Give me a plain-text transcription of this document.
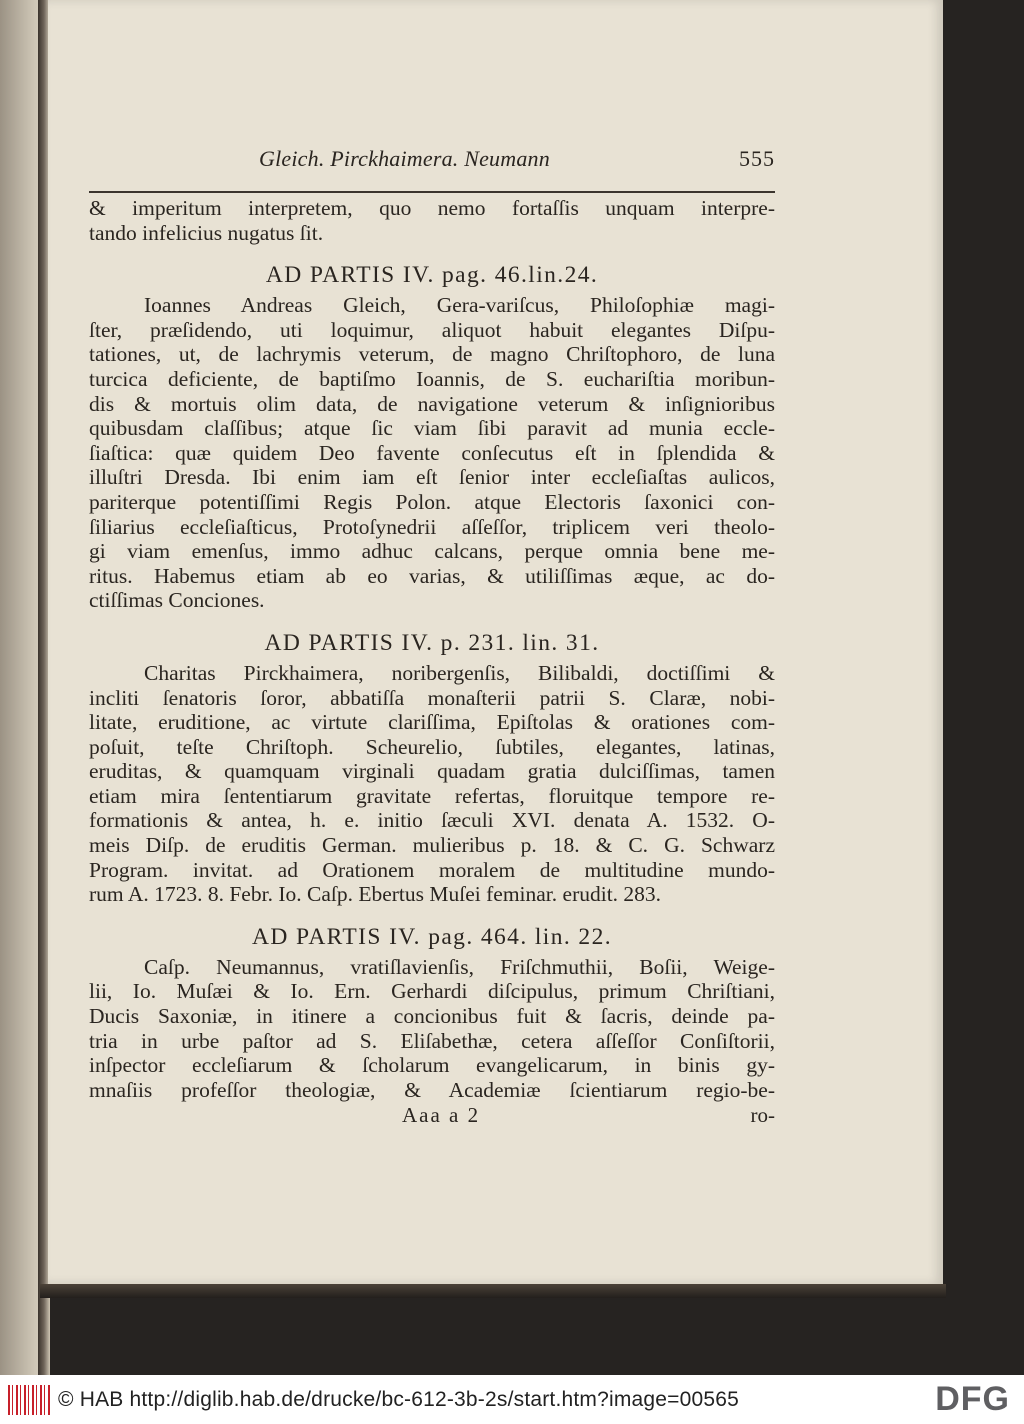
Gleich. Pirckhaimera. Neumann	555
& imperitum interpretem, quo nemo fortaſſis unquam interpre-
tando infelicius nugatus ſit.
AD PARTIS IV. pag. 46.lin.24.
Ioannes Andreas Gleich, Gera-variſcus, Philoſophiæ magi-
ſter, præſidendo, uti loquimur, aliquot habuit elegantes Diſpu-
tationes, ut, de lachrymis veterum, de magno Chriſtophoro, de luna
turcica deficiente, de baptiſmo Ioannis, de S. euchariſtia moribun-
dis & mortuis olim data, de navigatione veterum & inſignioribus
quibusdam claſſibus; atque ſic viam ſibi paravit ad munia eccle-
ſiaſtica: quæ quidem Deo favente conſecutus eſt in ſplendida &
illuſtri Dresda. Ibi enim iam eſt ſenior inter eccleſiaſtas aulicos,
pariterque potentiſſimi Regis Polon. atque Electoris ſaxonici con-
ſiliarius eccleſiaſticus, Protoſynedrii aſſeſſor, triplicem veri theolo-
gi viam emenſus, immo adhuc calcans, perque omnia bene me-
ritus. Habemus etiam ab eo varias, & utiliſſimas æque, ac do-
ctiſſimas Conciones.
AD PARTIS IV. p. 231. lin. 31.
Charitas Pirckhaimera, noribergenſis, Bilibaldi, doctiſſimi &
incliti ſenatoris ſoror, abbatiſſa monaſterii patrii S. Claræ, nobi-
litate, eruditione, ac virtute clariſſima, Epiſtolas & orationes com-
poſuit, teſte Chriſtoph. Scheurelio, ſubtiles, elegantes, latinas,
eruditas, & quamquam virginali quadam gratia dulciſſimas, tamen
etiam mira ſententiarum gravitate refertas, floruitque tempore re-
formationis & antea, h. e. initio ſæculi XVI. denata A. 1532. O-
meis Diſp. de eruditis German. mulieribus p. 18. & C. G. Schwarz
Program. invitat. ad Orationem moralem de multitudine mundo-
rum A. 1723. 8. Febr. Io. Caſp. Ebertus Muſei feminar. erudit. 283.
AD PARTIS IV. pag. 464. lin. 22.
Caſp. Neumannus, vratiſlavienſis, Friſchmuthii, Boſii, Weige-
lii, Io. Muſæi & Io. Ern. Gerhardi diſcipulus, primum Chriſtiani,
Ducis Saxoniæ, in itinere a concionibus fuit & ſacris, deinde pa-
tria in urbe paſtor ad S. Eliſabethæ, cetera aſſeſſor Conſiſtorii,
inſpector eccleſiarum & ſcholarum evangelicarum, in binis gy-
mnaſiis profeſſor theologiæ, & Academiæ ſcientiarum regio-be-
Aaa a 2	ro-
© HAB http://diglib.hab.de/drucke/bc-612-3b-2s/start.htm?image=00565	DFG
